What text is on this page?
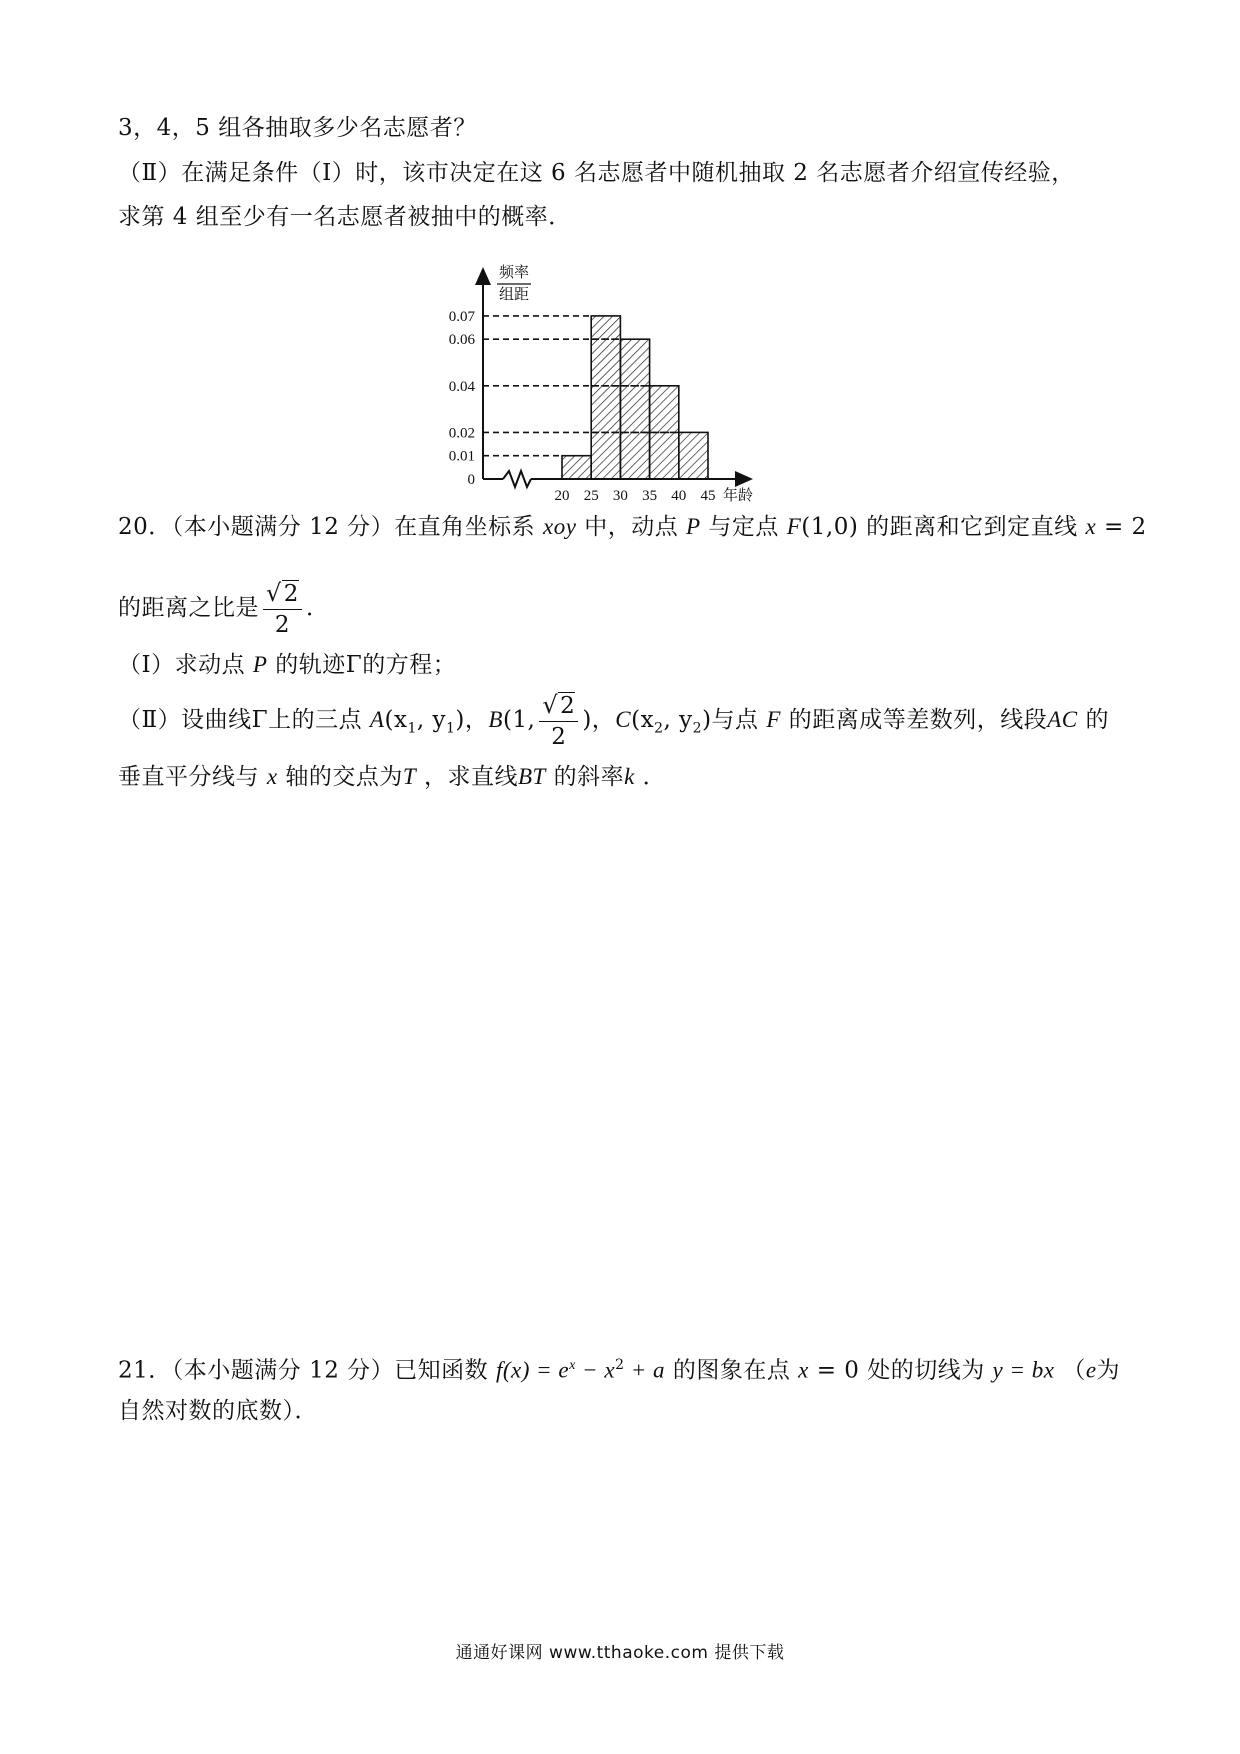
3，4，5 组各抽取多少名志愿者？
（Ⅱ）在满足条件（Ⅰ）时，该市决定在这 6 名志愿者中随机抽取 2 名志愿者介绍宣传经验，
求第 4 组至少有一名志愿者被抽中的概率．
0.01
0.07
0.06
0.04
0.02
0
20 25 30 35 40 45 年龄
频率
组距
20．（本小题满分 12 分）在直角坐标系 xoy 中，动点 P 与定点 F(1,0) 的距离和它到定直线 x = 2
的距离之比是 $\frac{√2}{2}$ ．
（Ⅰ）求动点 P 的轨迹Γ的方程；
（Ⅱ）设曲线Γ上的三点 $A(x_1$, $y_1$)，B(1, $\frac{√2}{2}$ )，$C(x_2$, $y_2$)与点 F 的距离成等差数列，线段AC 的
垂直平分线与 x 轴的交点为T ，求直线BT 的斜率k ．
21．（本小题满分 12 分）已知函数 $f(x) = e^x - x^2 + a$ 的图象在点 x = 0 处的切线为 y = bx （e为
自然对数的底数）．
通通好课网 www.tthaoke.com 提供下载
